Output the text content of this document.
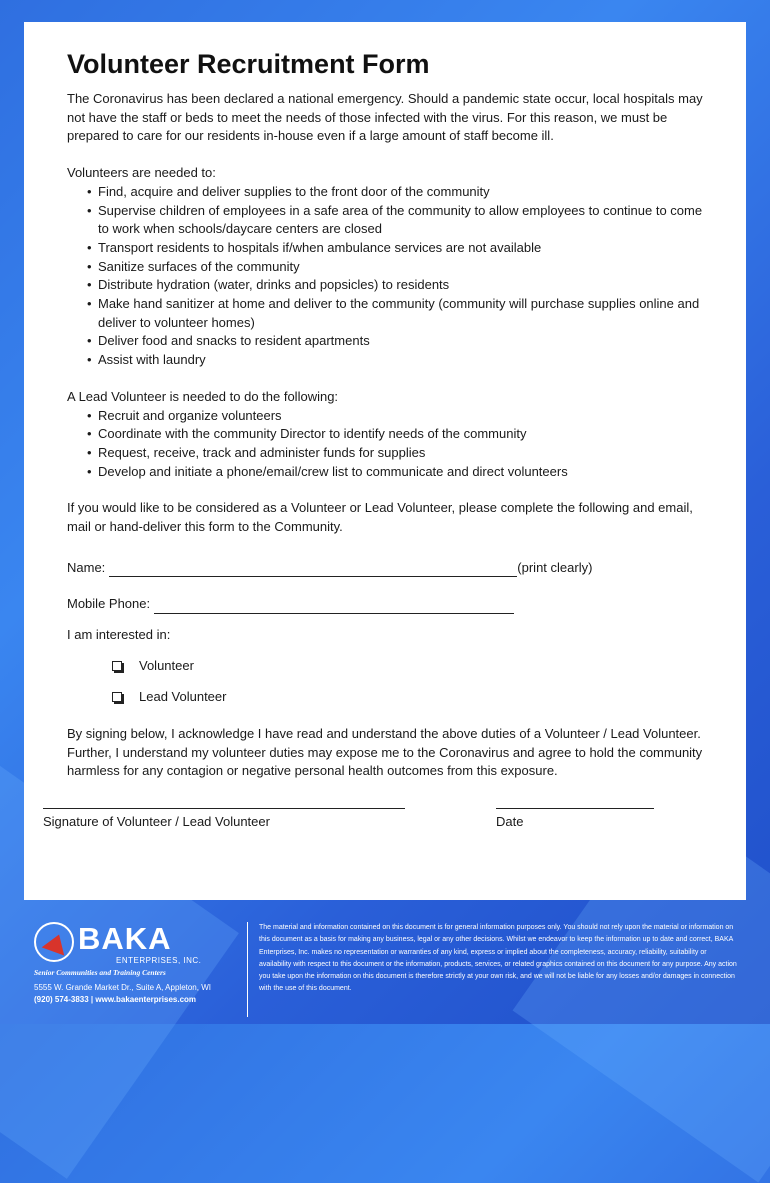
Volunteer Recruitment Form

The Coronavirus has been declared a national emergency. Should a pandemic state occur, local hospitals may not have the staff or beds to meet the needs of those infected with the virus. For this reason, we must be prepared to care for our residents in-house even if a large amount of staff become ill.

Volunteers are needed to:

• Find, acquire and deliver supplies to the front door of the community
• Supervise children of employees in a safe area of the community to allow employees to continue to come to work when schools/daycare centers are closed
• Transport residents to hospitals if/when ambulance services are not available
• Sanitize surfaces of the community
• Distribute hydration (water, drinks and popsicles) to residents
• Make hand sanitizer at home and deliver to the community (community will purchase supplies online and deliver to volunteer homes)
• Deliver food and snacks to resident apartments
• Assist with laundry

A Lead Volunteer is needed to do the following:

• Recruit and organize volunteers
• Coordinate with the community Director to identify needs of the community
• Request, receive, track and administer funds for supplies
• Develop and initiate a phone/email/crew list to communicate and direct volunteers

If you would like to be considered as a Volunteer or Lead Volunteer, please complete the following and email, mail or hand-deliver this form to the Community.

Name:	(print clearly)
Mobile Phone:

I am interested in:

Volunteer
Lead Volunteer

By signing below, I acknowledge I have read and understand the above duties of a Volunteer / Lead Volunteer. Further, I understand my volunteer duties may expose me to the Coronavirus and agree to hold the community harmless for any contagion or negative personal health outcomes from this exposure.

Signature of Volunteer / Lead Volunteer	Date
BAKA
ENTERPRISES, INC.
Senior Communities and Training Centers
5555 W. Grande Market Dr., Suite A, Appleton, WI
(920) 574-3833 | www.bakaenterprises.com
The material and information contained on this document is for general information purposes only. You should not rely upon the material or information on this document as a basis for making any business, legal or any other decisions. Whilst we endeavor to keep the information up to date and correct, BAKA Enterprises, Inc. makes no representation or warranties of any kind, express or implied about the completeness, accuracy, reliability, suitability or availability with respect to this document or the information, products, services, or related graphics contained on this document for any purpose. Any action you take upon the information on this document is therefore strictly at your own risk, and we will not be liable for any losses and/or damages in connection with the use of this document.
